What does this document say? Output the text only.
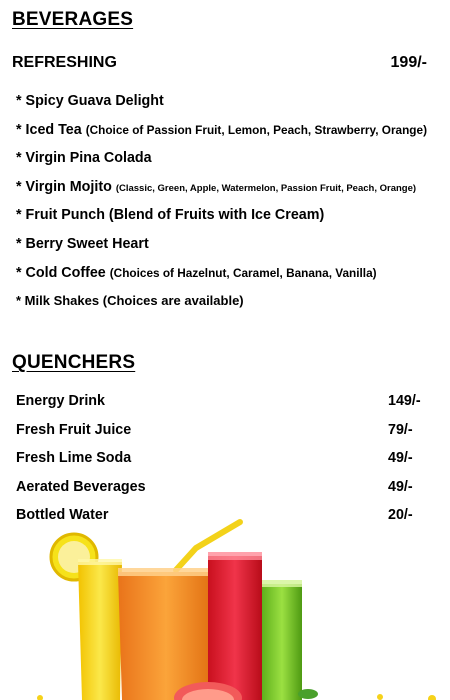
BEVERAGES
REFRESHING	199/-
* Spicy Guava Delight
* Iced Tea (Choice of Passion Fruit, Lemon, Peach, Strawberry, Orange)
* Virgin Pina Colada
* Virgin Mojito (Classic, Green, Apple, Watermelon, Passion Fruit, Peach, Orange)
* Fruit Punch (Blend of Fruits with Ice Cream)
* Berry Sweet Heart
* Cold Coffee (Choices of Hazelnut, Caramel, Banana, Vanilla)
* Milk Shakes (Choices are available)
QUENCHERS
Energy Drink	149/-
Fresh Fruit Juice	79/-
Fresh Lime Soda	49/-
Aerated Beverages	49/-
Bottled Water	20/-
